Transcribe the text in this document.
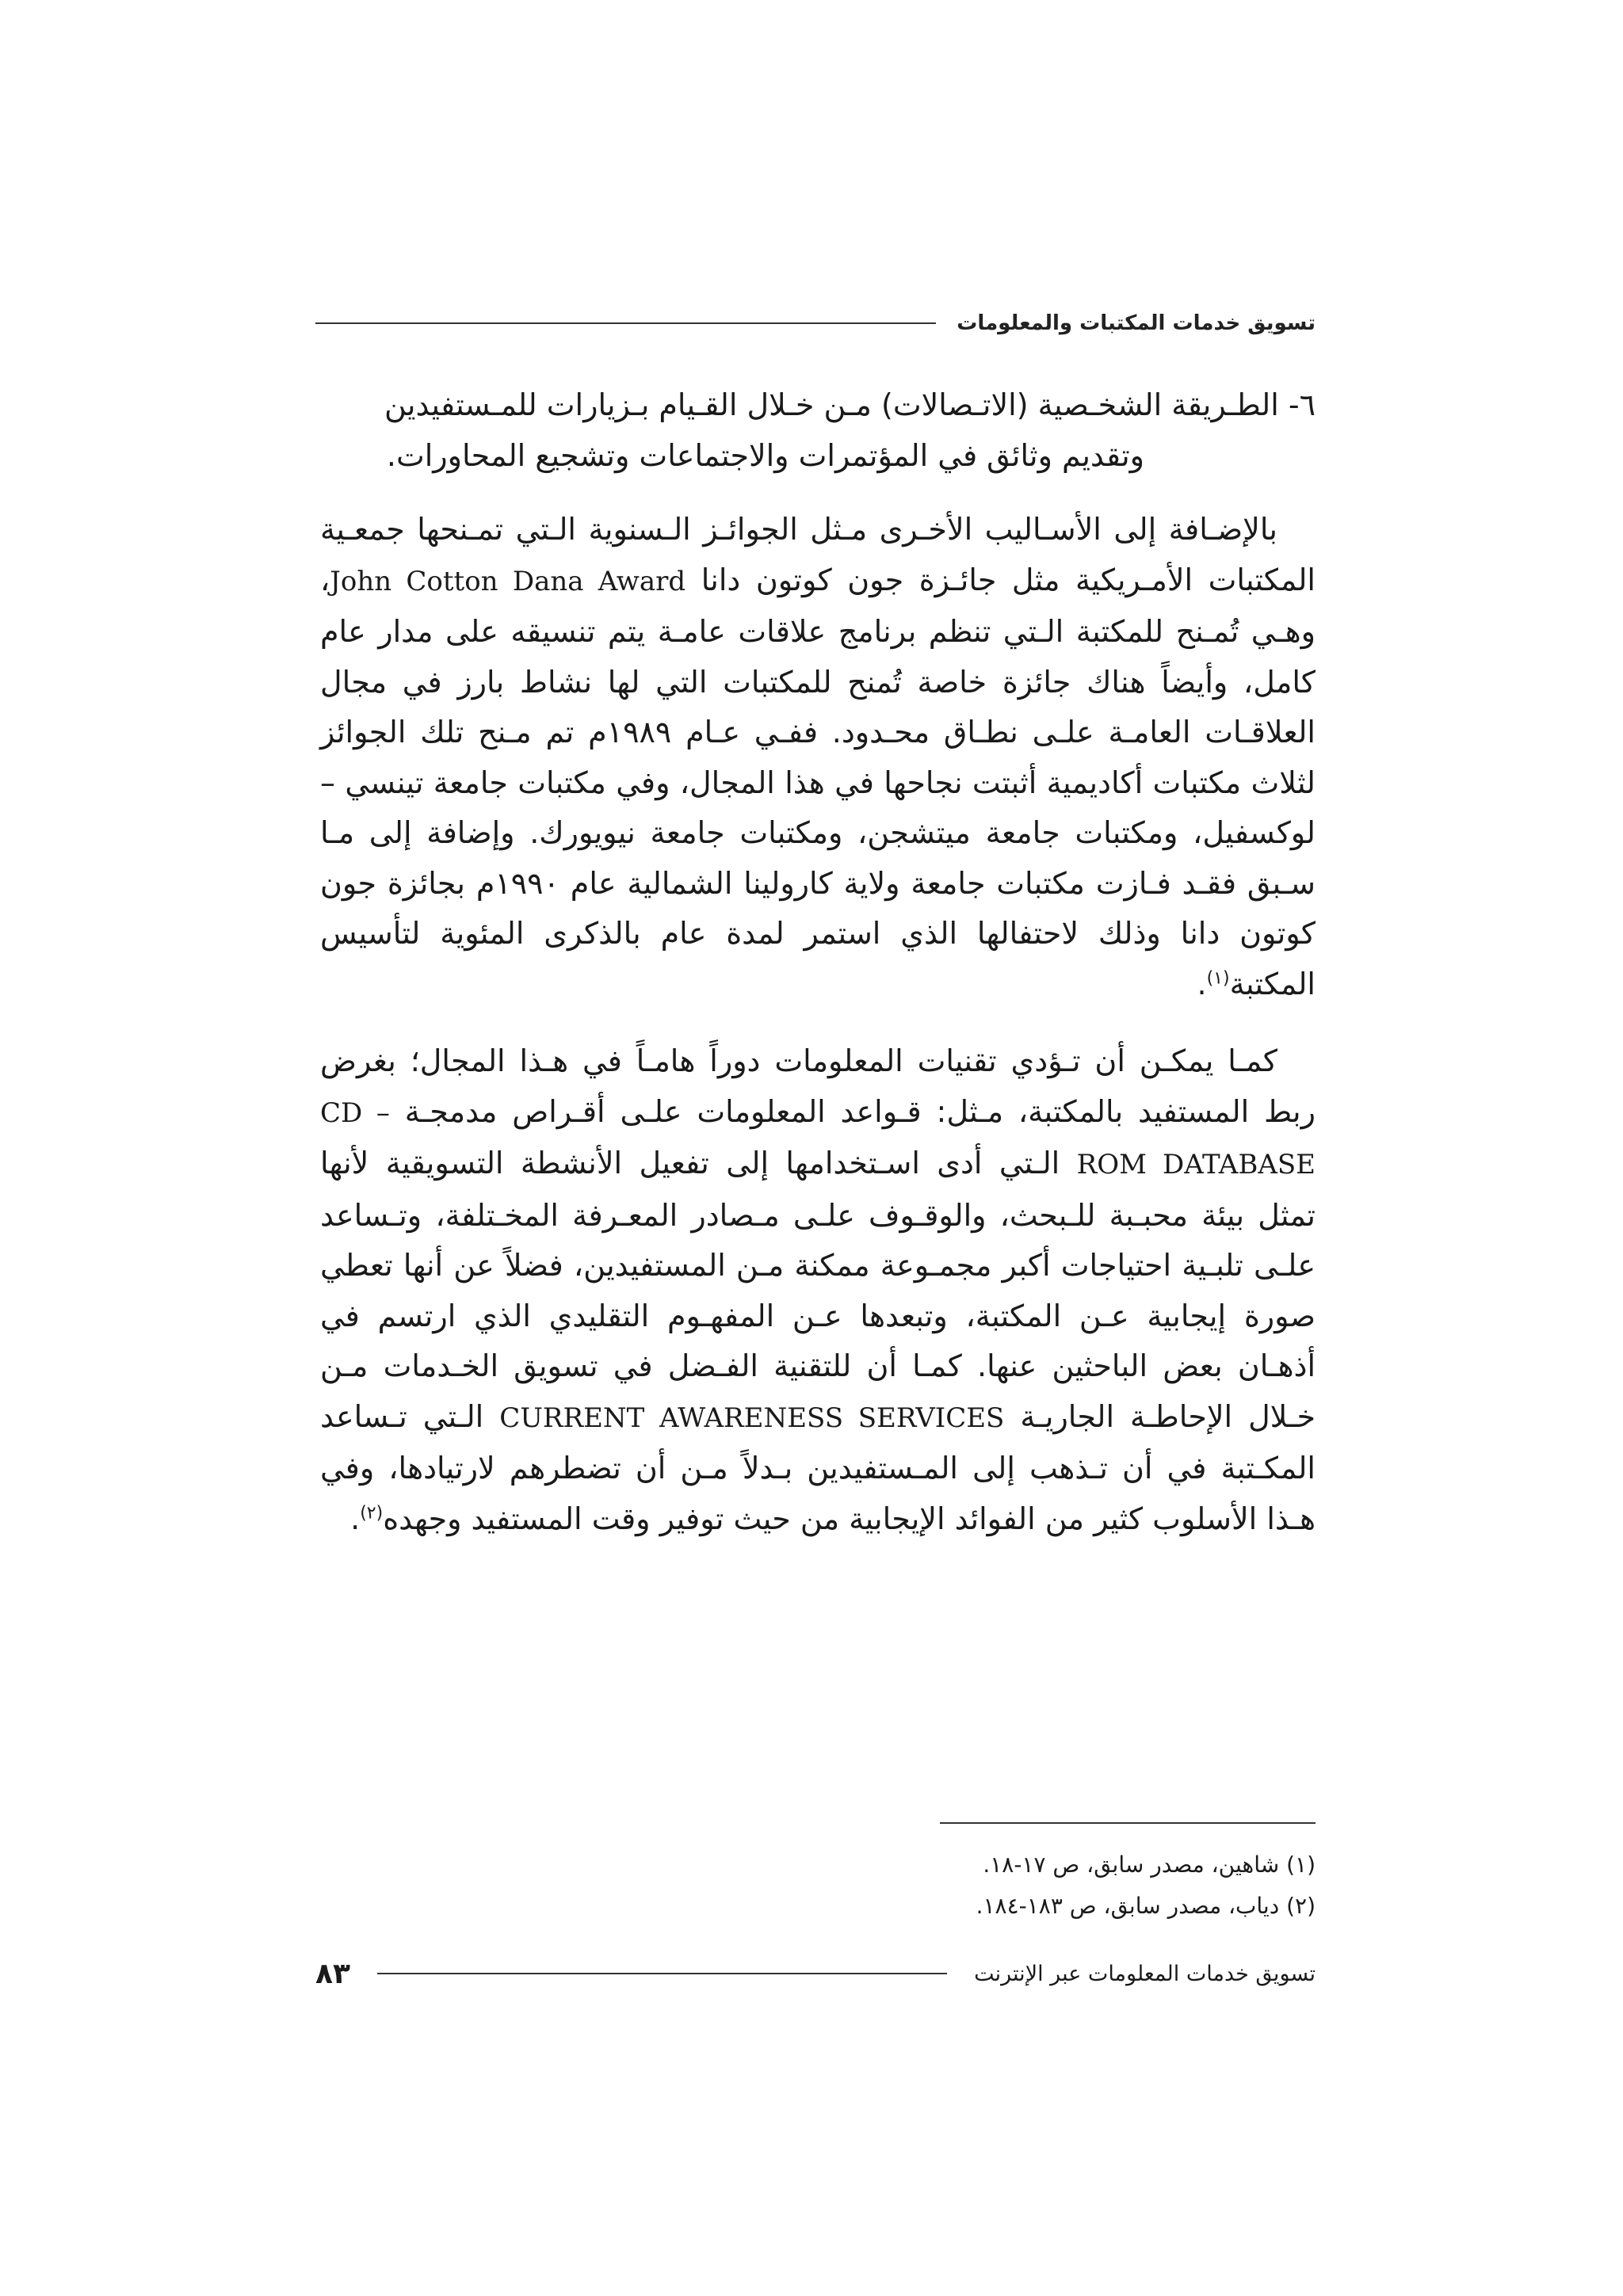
تسويق خدمات المكتبات والمعلومات

٦- الطـريقة الشخـصية (الاتـصالات) مـن خـلال القـيام بـزيارات للمـستفيدين
وتقديم وثائق في المؤتمرات والاجتماعات وتشجيع المحاورات.

بالإضـافة إلى الأسـاليب الأخـرى مـثل الجوائـز الـسنوية الـتي تمـنحها جمعـية المكتبات الأمـريكية مثل جائـزة جون كوتون دانا John Cotton Dana Award، وهـي تُمـنح للمكتبة الـتي تنظم برنامج علاقات عامـة يتم تنسيقه على مدار عام كامل، وأيضاً هناك جائزة خاصة تُمنح للمكتبات التي لها نشاط بارز في مجال العلاقـات العامـة علـى نطـاق محـدود. ففـي عـام ١٩٨٩م تم مـنح تلك الجوائز لثلاث مكتبات أكاديمية أثبتت نجاحها في هذا المجال، وفي مكتبات جامعة تينسي – لوكسفيل، ومكتبات جامعة ميتشجن، ومكتبات جامعة نيويورك. وإضافة إلى مـا سـبق فقـد فـازت مكتبات جامعة ولاية كارولينا الشمالية عام ١٩٩٠م بجائزة جون كوتون دانا وذلك لاحتفالها الذي استمر لمدة عام بالذكرى المئوية لتأسيس المكتبة$^{(١)}$.

كمـا يمكـن أن تـؤدي تقنيات المعلومات دوراً هامـاً في هـذا المجال؛ بغرض ربط المستفيد بالمكتبة، مـثل: قـواعد المعلومات علـى أقـراص مدمجـة CD – ROM DATABASE الـتي أدى اسـتخدامها إلى تفعيل الأنشطة التسويقية لأنها تمثل بيئة محبـبة للـبحث، والوقـوف علـى مـصادر المعـرفة المخـتلفة، وتـساعد علـى تلبـية احتياجات أكبر مجمـوعة ممكنة مـن المستفيدين، فضلاً عن أنها تعطي صورة إيجابية عـن المكتبة، وتبعدها عـن المفهـوم التقليدي الذي ارتسم في أذهـان بعض الباحثين عنها. كمـا أن للتقنية الفـضل في تسويق الخـدمات مـن خـلال الإحاطـة الجاريـة CURRENT AWARENESS SERVICES الـتي تـساعد المكـتبة في أن تـذهب إلى المـستفيدين بـدلاً مـن أن تضطرهم لارتيادها، وفي هـذا الأسلوب كثير من الفوائد الإيجابية من حيث توفير وقت المستفيد وجهده$^{(٢)}$.

(١) شاهين، مصدر سابق، ص ١٧-١٨.
(٢) دياب، مصدر سابق، ص ١٨٣-١٨٤.
تسويق خدمات المعلومات عبر الإنترنت
٨٣
